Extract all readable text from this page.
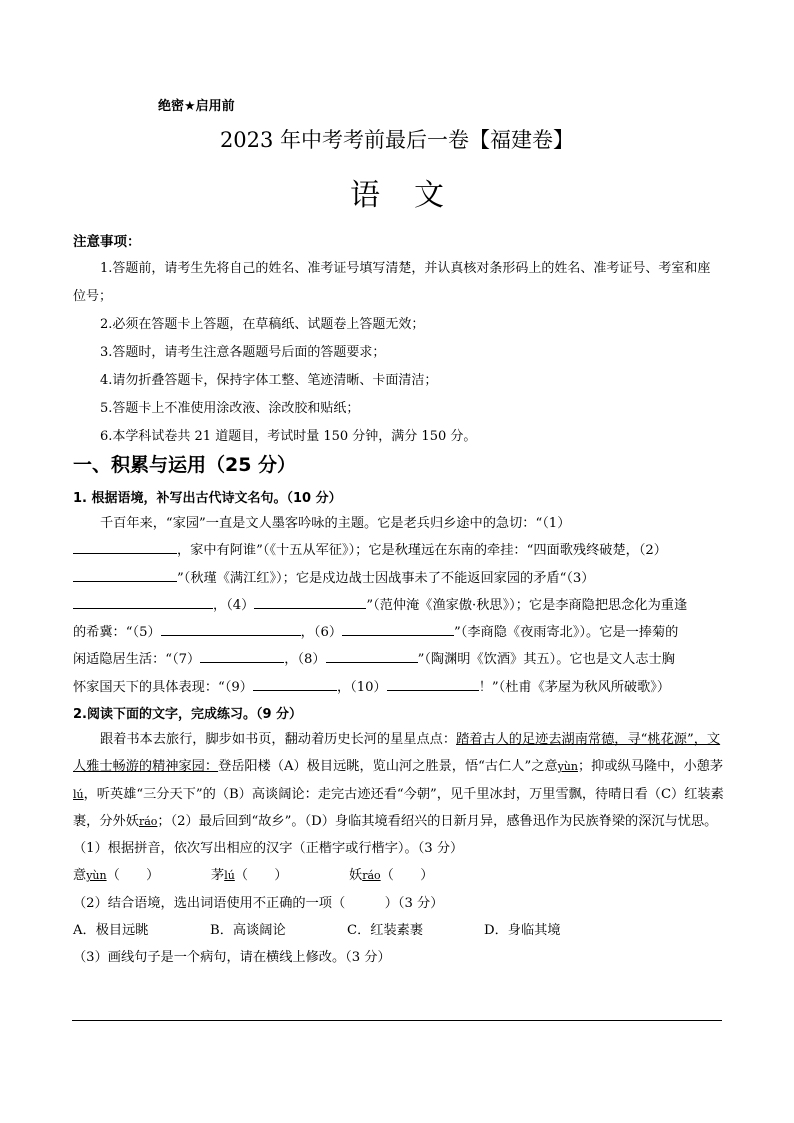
绝密★启用前
2023 年中考考前最后一卷【福建卷】
语文
注意事项：

1.答题前，请考生先将自己的姓名、准考证号填写清楚，并认真核对条形码上的姓名、准考证号、考室和座位号；

2.必须在答题卡上答题，在草稿纸、试题卷上答题无效；

3.答题时，请考生注意各题题号后面的答题要求；

4.请勿折叠答题卡，保持字体工整、笔迹清晰、卡面清洁；

5.答题卡上不准使用涂改液、涂改胶和贴纸；

6.本学科试卷共 21 道题目，考试时量 150 分钟，满分 150 分。

一、积累与运用（25 分）

1. 根据语境，补写出古代诗文名句。（10 分）

千百年来，“家园”一直是文人墨客吟咏的主题。它是老兵归乡途中的急切：“（1）

，家中有阿谁”（《十五从军征》）；它是秋瑾远在东南的牵挂：“四面歌残终破楚，（2）

”（秋瑾《满江红》）；它是戍边战士因战事未了不能返回家园的矛盾“（3）

，（4）	”（范仲淹《渔家傲·秋思》）；它是李商隐把思念化为重逢

的希冀：“（5）	，（6）	”（李商隐《夜雨寄北》）。它是一捧菊的

闲适隐居生活：“（7）	，（8）	”（陶渊明《饮酒》其五）。它也是文人志士胸

怀家国天下的具体表现：“（9）	，（10）	！”（杜甫《茅屋为秋风所破歌》）

2.阅读下面的文字，完成练习。（9 分）

跟着书本去旅行，脚步如书页，翻动着历史长河的星星点点：踏着古人的足迹去湖南常德，寻“桃花源”，文人雅士畅游的精神家园：登岳阳楼（A）极目远眺，览山河之胜景，悟“古仁人”之意yùn；抑或纵马隆中，小憩茅lú，听英雄“三分天下”的（B）高谈阔论：走完古迹还看“今朝”，见千里冰封，万里雪飘，待晴日看（C）红装素裹，分外妖ráo；（2）最后回到“故乡”。（D）身临其境看绍兴的日新月异，感鲁迅作为民族脊梁的深沉与忧思。

（1）根据拼音，依次写出相应的汉字（正楷字或行楷字）。（3 分）

意yùn（　　）	茅lú（　　）	妖ráo（　　）

（2）结合语境，选出词语使用不正确的一项（　　　）（3 分）

A．极目远眺	B．高谈阔论	C．红装素裹	D．身临其境

（3）画线句子是一个病句，请在横线上修改。（3 分）
